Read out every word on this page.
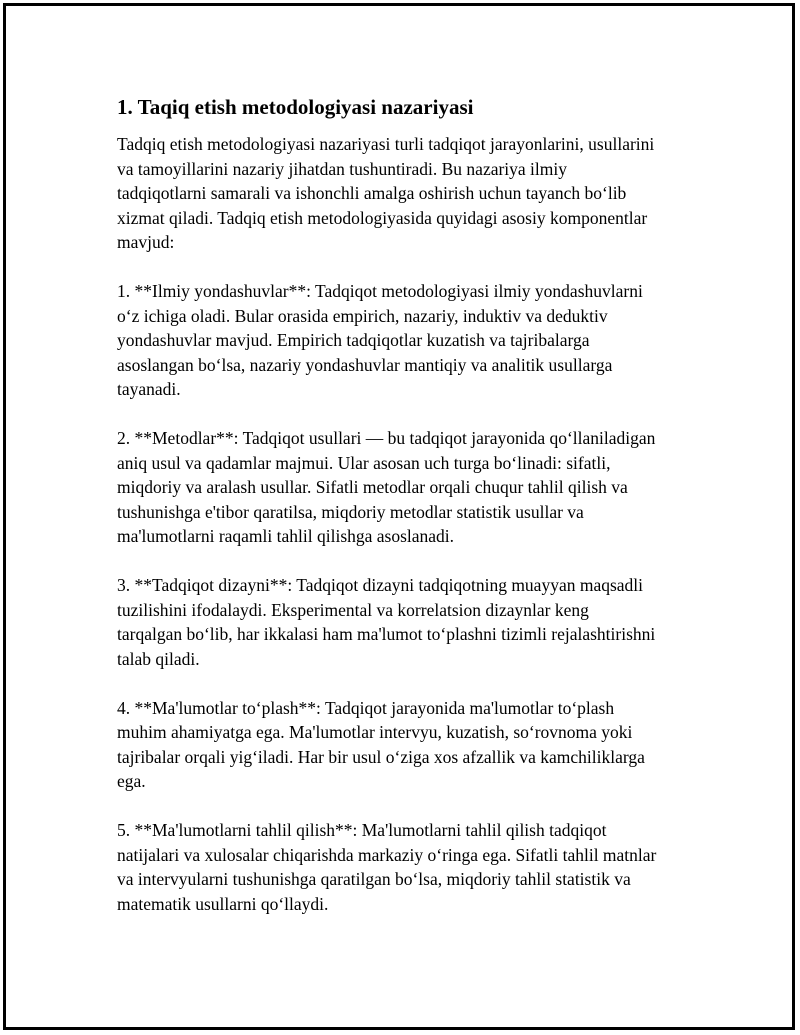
1. Taqiq etish metodologiyasi nazariyasi

Tadqiq etish metodologiyasi nazariyasi turli tadqiqot jarayonlarini, usullarini
va tamoyillarini nazariy jihatdan tushuntiradi. Bu nazariya ilmiy
tadqiqotlarni samarali va ishonchli amalga oshirish uchun tayanch bo‘lib
xizmat qiladi. Tadqiq etish metodologiyasida quyidagi asosiy komponentlar
mavjud:

1. **Ilmiy yondashuvlar**: Tadqiqot metodologiyasi ilmiy yondashuvlarni
o‘z ichiga oladi. Bular orasida empirich, nazariy, induktiv va deduktiv
yondashuvlar mavjud. Empirich tadqiqotlar kuzatish va tajribalarga
asoslangan bo‘lsa, nazariy yondashuvlar mantiqiy va analitik usullarga
tayanadi.

2. **Metodlar**: Tadqiqot usullari — bu tadqiqot jarayonida qo‘llaniladigan
aniq usul va qadamlar majmui. Ular asosan uch turga bo‘linadi: sifatli,
miqdoriy va aralash usullar. Sifatli metodlar orqali chuqur tahlil qilish va
tushunishga e'tibor qaratilsa, miqdoriy metodlar statistik usullar va
ma'lumotlarni raqamli tahlil qilishga asoslanadi.

3. **Tadqiqot dizayni**: Tadqiqot dizayni tadqiqotning muayyan maqsadli
tuzilishini ifodalaydi. Eksperimental va korrelatsion dizaynlar keng
tarqalgan bo‘lib, har ikkalasi ham ma'lumot to‘plashni tizimli rejalashtirishni
talab qiladi.

4. **Ma'lumotlar to‘plash**: Tadqiqot jarayonida ma'lumotlar to‘plash
muhim ahamiyatga ega. Ma'lumotlar intervyu, kuzatish, so‘rovnoma yoki
tajribalar orqali yig‘iladi. Har bir usul o‘ziga xos afzallik va kamchiliklarga
ega.

5. **Ma'lumotlarni tahlil qilish**: Ma'lumotlarni tahlil qilish tadqiqot
natijalari va xulosalar chiqarishda markaziy o‘ringa ega. Sifatli tahlil matnlar
va intervyularni tushunishga qaratilgan bo‘lsa, miqdoriy tahlil statistik va
matematik usullarni qo‘llaydi.
